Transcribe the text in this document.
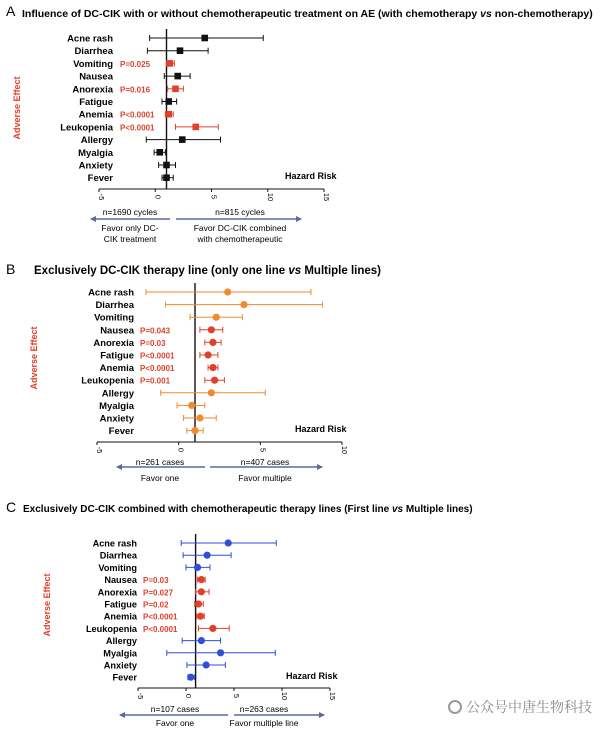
A Influence of DC-CIK with or without chemotherapeutic treatment on AE (with chemotherapy vs non-chemotherapy)
Adverse Effect
-5	0	5	10	15
Hazard Risk
Acne rash
Diarrhea
Vomiting P=0.025
Nausea
Anorexia P=0.016
Fatigue
Anemia P<0.0001
Leukopenia P<0.0001
Allergy
Myalgia
Anxiety
Fever
n=1690 cycles	n=815 cycles
Favor only DC-
CIK treatment
Favor DC-CIK combined
with chemotherapeutic
B Exclusively DC-CIK therapy line (only one line vs Multiple lines)
Adverse Effect
-5	0	5	10
Hazard Risk
Acne rash
Diarrhea
Vomiting
Nausea P=0.043
Anorexia P=0.03
Fatigue P<0.0001
Anemia P<0.0001
Leukopenia P=0.001
Allergy
Myalgia
Anxiety
Fever
n=261 cases	n=407 cases
Favor one	Favor multiple
C Exclusively DC-CIK combined with chemotherapeutic therapy lines (First line vs Multiple lines)
Adverse Effect
-5	0	5	10	15
Hazard Risk
Acne rash
Diarrhea
Vomiting
Nausea P=0.03
Anorexia P=0.027
Fatigue P=0.02
Anemia P<0.0001
Leukopenia P<0.0001
Allergy
Myalgia
Anxiety
Fever
n=107 cases	n=263 cases
Favor one	Favor multiple line
公众号中唐生物科技
